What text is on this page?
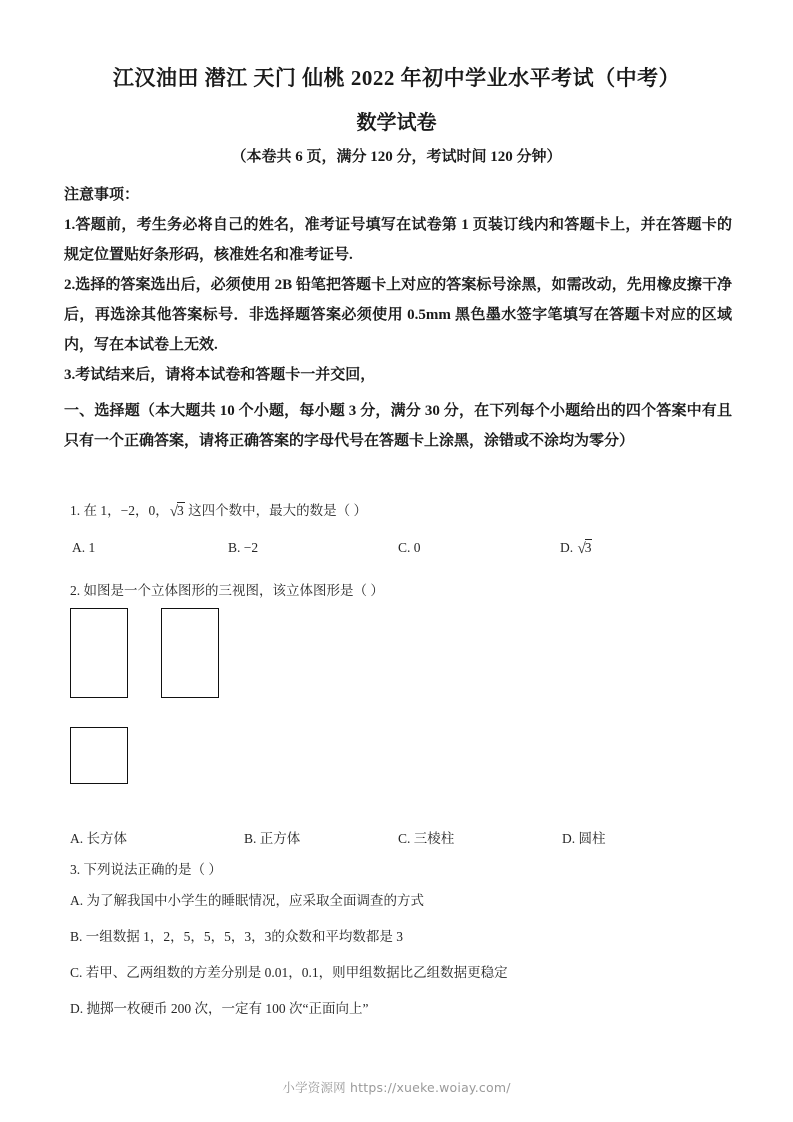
江汉油田 潜江 天门 仙桃 2022 年初中学业水平考试（中考）
数学试卷
（本卷共 6 页，满分 120 分，考试时间 120 分钟）
注意事项：
1.答题前，考生务必将自己的姓名，准考证号填写在试卷第 1 页装订线内和答题卡上，并在答题卡的规定位置贴好条形码，核准姓名和准考证号.
2.选择的答案选出后，必须使用 2B 铅笔把答题卡上对应的答案标号涂黑，如需改动，先用橡皮擦干净后，再选涂其他答案标号．非选择题答案必须使用 0.5mm 黑色墨水签字笔填写在答题卡对应的区域内，写在本试卷上无效.
3.考试结来后，请将本试卷和答题卡一并交回，
一、选择题（本大题共 10 个小题，每小题 3 分，满分 30 分，在下列每个小题给出的四个答案中有且只有一个正确答案，请将正确答案的字母代号在答题卡上涂黑，涂错或不涂均为零分）
1. 在 1，−2，0，√3 这四个数中，最大的数是（ ）
A. 1	B. −2	C. 0	D. √3
2. 如图是一个立体图形的三视图，该立体图形是（ ）
A. 长方体	B. 正方体	C. 三棱柱	D. 圆柱
3. 下列说法正确的是（ ）
A. 为了解我国中小学生的睡眠情况，应采取全面调查的方式
B. 一组数据 1，2，5，5，5，3，3的众数和平均数都是 3
C. 若甲、乙两组数的方差分别是 0.01，0.1，则甲组数据比乙组数据更稳定
D. 抛掷一枚硬币 200 次，一定有 100 次“正面向上”
小学资源网 https://xueke.woiay.com/
